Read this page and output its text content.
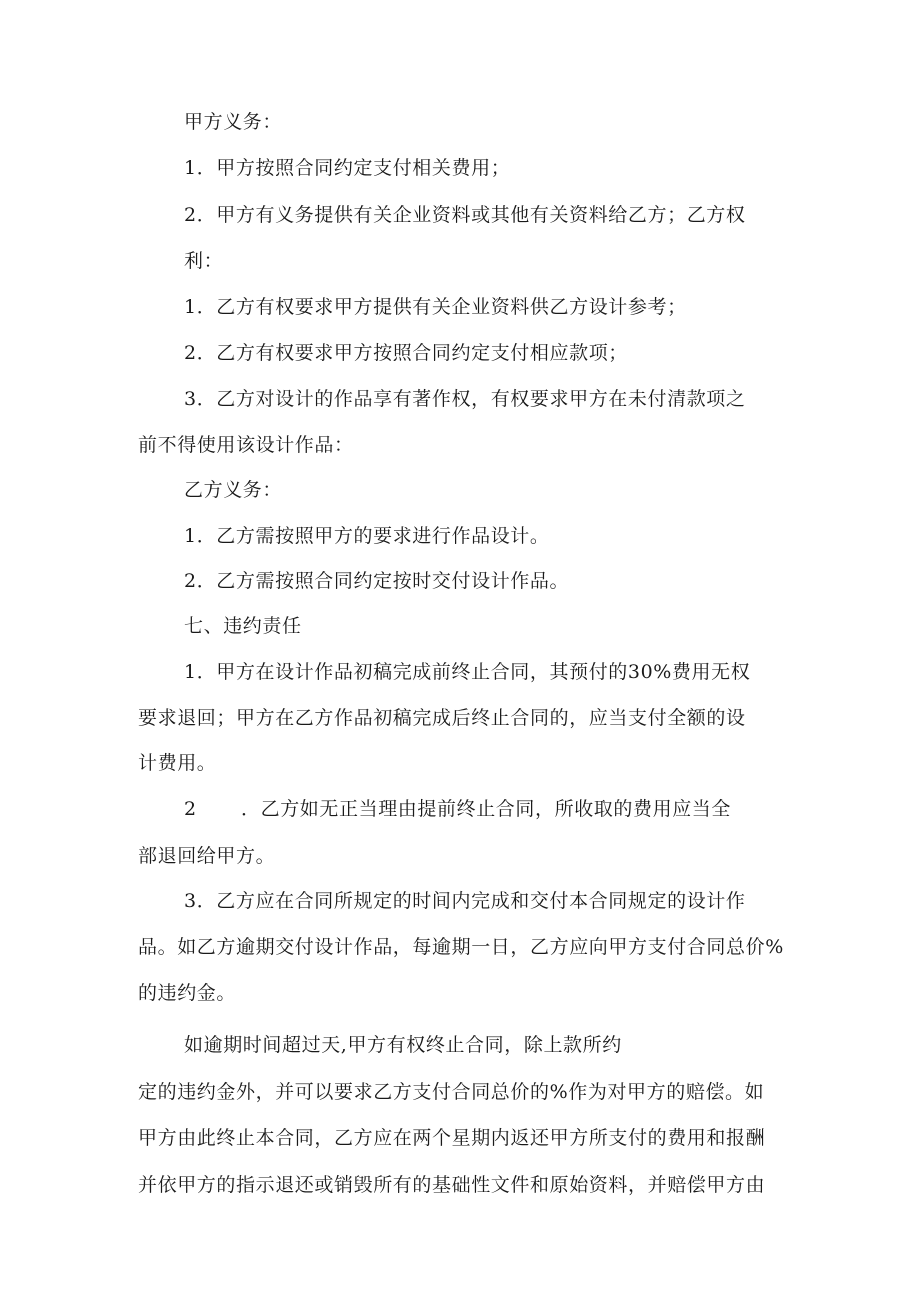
甲方义务：
1．甲方按照合同约定支付相关费用；
2．甲方有义务提供有关企业资料或其他有关资料给乙方；乙方权
利：
1．乙方有权要求甲方提供有关企业资料供乙方设计参考；
2．乙方有权要求甲方按照合同约定支付相应款项；
3．乙方对设计的作品享有著作权，有权要求甲方在未付清款项之
前不得使用该设计作品：
乙方义务：
1．乙方需按照甲方的要求进行作品设计。
2．乙方需按照合同约定按时交付设计作品。
七、违约责任
1．甲方在设计作品初稿完成前终止合同，其预付的30%费用无权
要求退回；甲方在乙方作品初稿完成后终止合同的，应当支付全额的设
计费用。
2 ．乙方如无正当理由提前终止合同，所收取的费用应当全
部退回给甲方。
3．乙方应在合同所规定的时间内完成和交付本合同规定的设计作
品。如乙方逾期交付设计作品，每逾期一日，乙方应向甲方支付合同总价%
的违约金。
如逾期时间超过天,甲方有权终止合同，除上款所约
定的违约金外，并可以要求乙方支付合同总价的%作为对甲方的赔偿。如
甲方由此终止本合同，乙方应在两个星期内返还甲方所支付的费用和报酬
并依甲方的指示退还或销毁所有的基础性文件和原始资料，并赔偿甲方由
